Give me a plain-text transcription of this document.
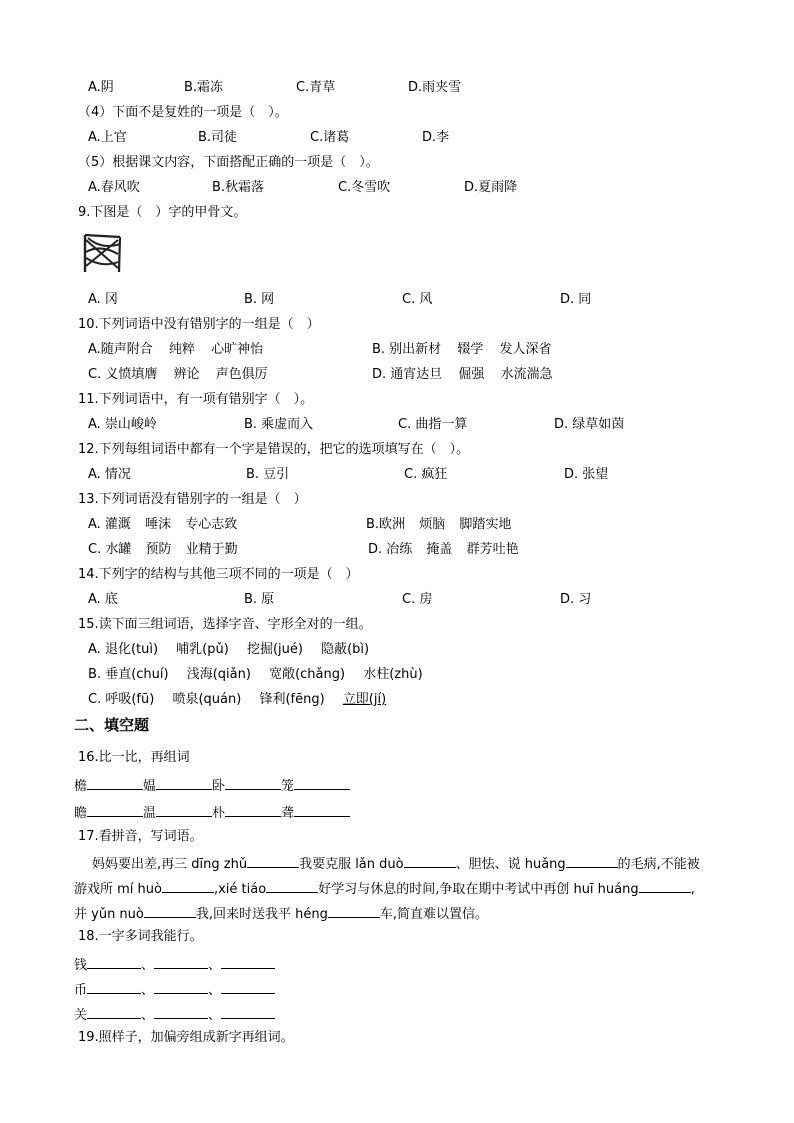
A.阴	B.霜冻	C.青草	D.雨夹雪
（4）下面不是复姓的一项是（　）。
A.上官	B.司徒	C.诸葛	D.李
（5）根据课文内容，下面搭配正确的一项是（　）。
A.春风吹	B.秋霜落	C.冬雪吹	D.夏雨降
9.下图是（　）字的甲骨文。
A. 冈	B. 网	C. 风	D. 同
10.下列词语中没有错别字的一组是（　）
A.随声附合 纯粹 心旷神怡	B. 别出新材 辍学 发人深省
C. 义愤填膺 辨论 声色俱厉	D. 通宵达旦 倔强 水流湍急
11.下列词语中，有一项有错别字（　）。
A. 崇山峻岭	B. 乘虚而入	C. 曲指一算	D. 绿草如茵
12.下列每组词语中都有一个字是错误的，把它的选项填写在（　）。
A. 情况	B. 豆引	C. 疯狂	D. 张望
13.下列词语没有错别字的一组是（　）
A. 灌溉 唾沫 专心志致	B.欧洲 烦脑 脚踏实地
C. 水罐 预防 业精于勤	D. 冶练 掩盖 群芳吐艳
14.下列字的结构与其他三项不同的一项是（　）
A. 底	B. 原	C. 房	D. 习
15.读下面三组词语，选择字音、字形全对的一组。
A. 退化(tuì) 哺乳(pǔ) 挖掘(jué) 隐蔽(bì)
B. 垂直(chuí) 浅海(qiǎn) 宽敞(chǎng) 水柱(zhù)
C. 呼吸(fū) 喷泉(quán) 锋利(fēng) 立即(jí)
二、填空题
16.比一比，再组词
檐	媪	卧	笼
瞻	温	朴	聋
17.看拼音，写词语。
妈妈要出差,再三 dīng zhǔ	我要克服 lǎn duò	、胆怯、说 huǎng	的毛病,不能被
游戏所 mí huò	,xié tiáo	好学习与休息的时间,争取在期中考试中再创 huī huáng	,
并 yǔn nuò	我,回来时送我平 héng	车,简直难以置信。
18.一字多词我能行。
钱	、	、
币	、	、
关	、	、
19.照样子，加偏旁组成新字再组词。
